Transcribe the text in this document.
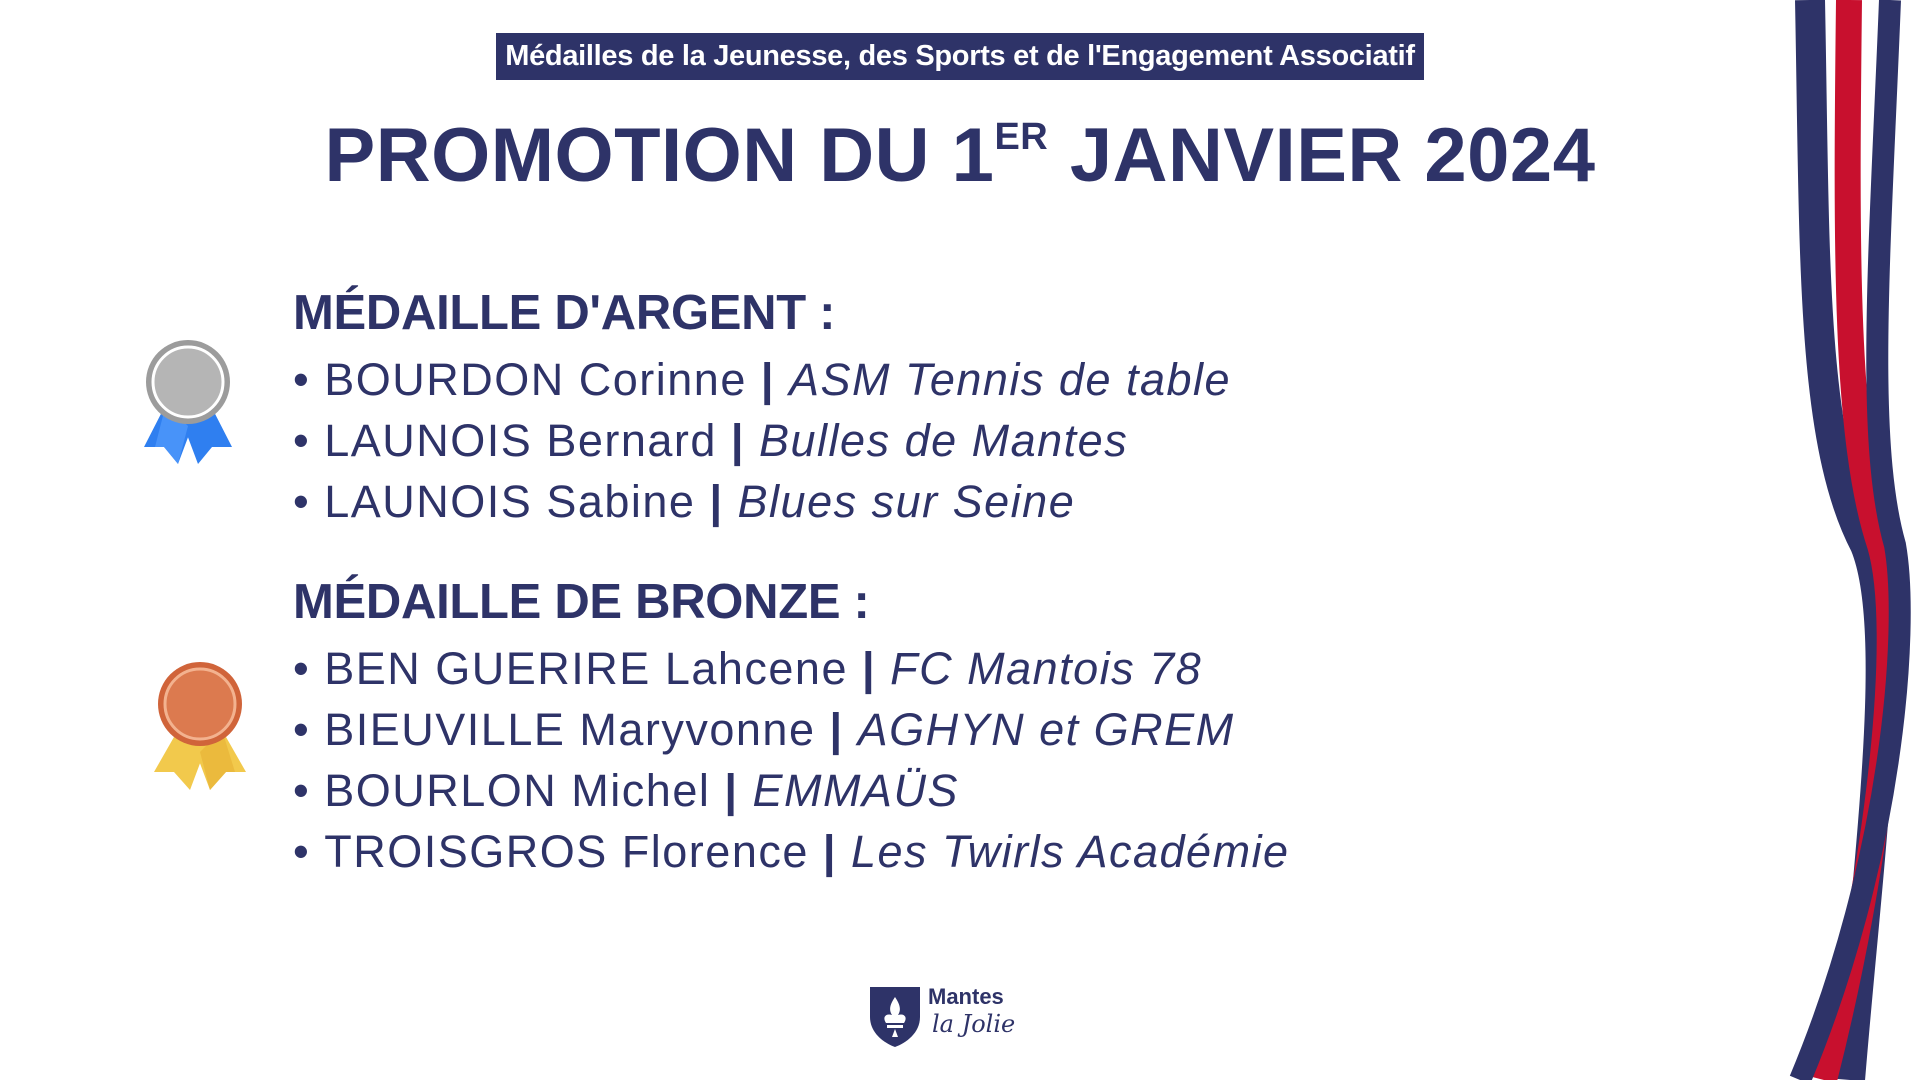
Médailles de la Jeunesse, des Sports et de l'Engagement Associatif
PROMOTION DU 1ER JANVIER 2024
MÉDAILLE D'ARGENT :
• BOURDON Corinne | ASM Tennis de table
• LAUNOIS Bernard | Bulles de Mantes
• LAUNOIS Sabine | Blues sur Seine
MÉDAILLE DE BRONZE :
• BEN GUERIRE Lahcene | FC Mantois 78
• BIEUVILLE Maryvonne | AGHYN et GREM
• BOURLON Michel | EMMAÜS
• TROISGROS Florence | Les Twirls Académie
Mantes
la Jolie
